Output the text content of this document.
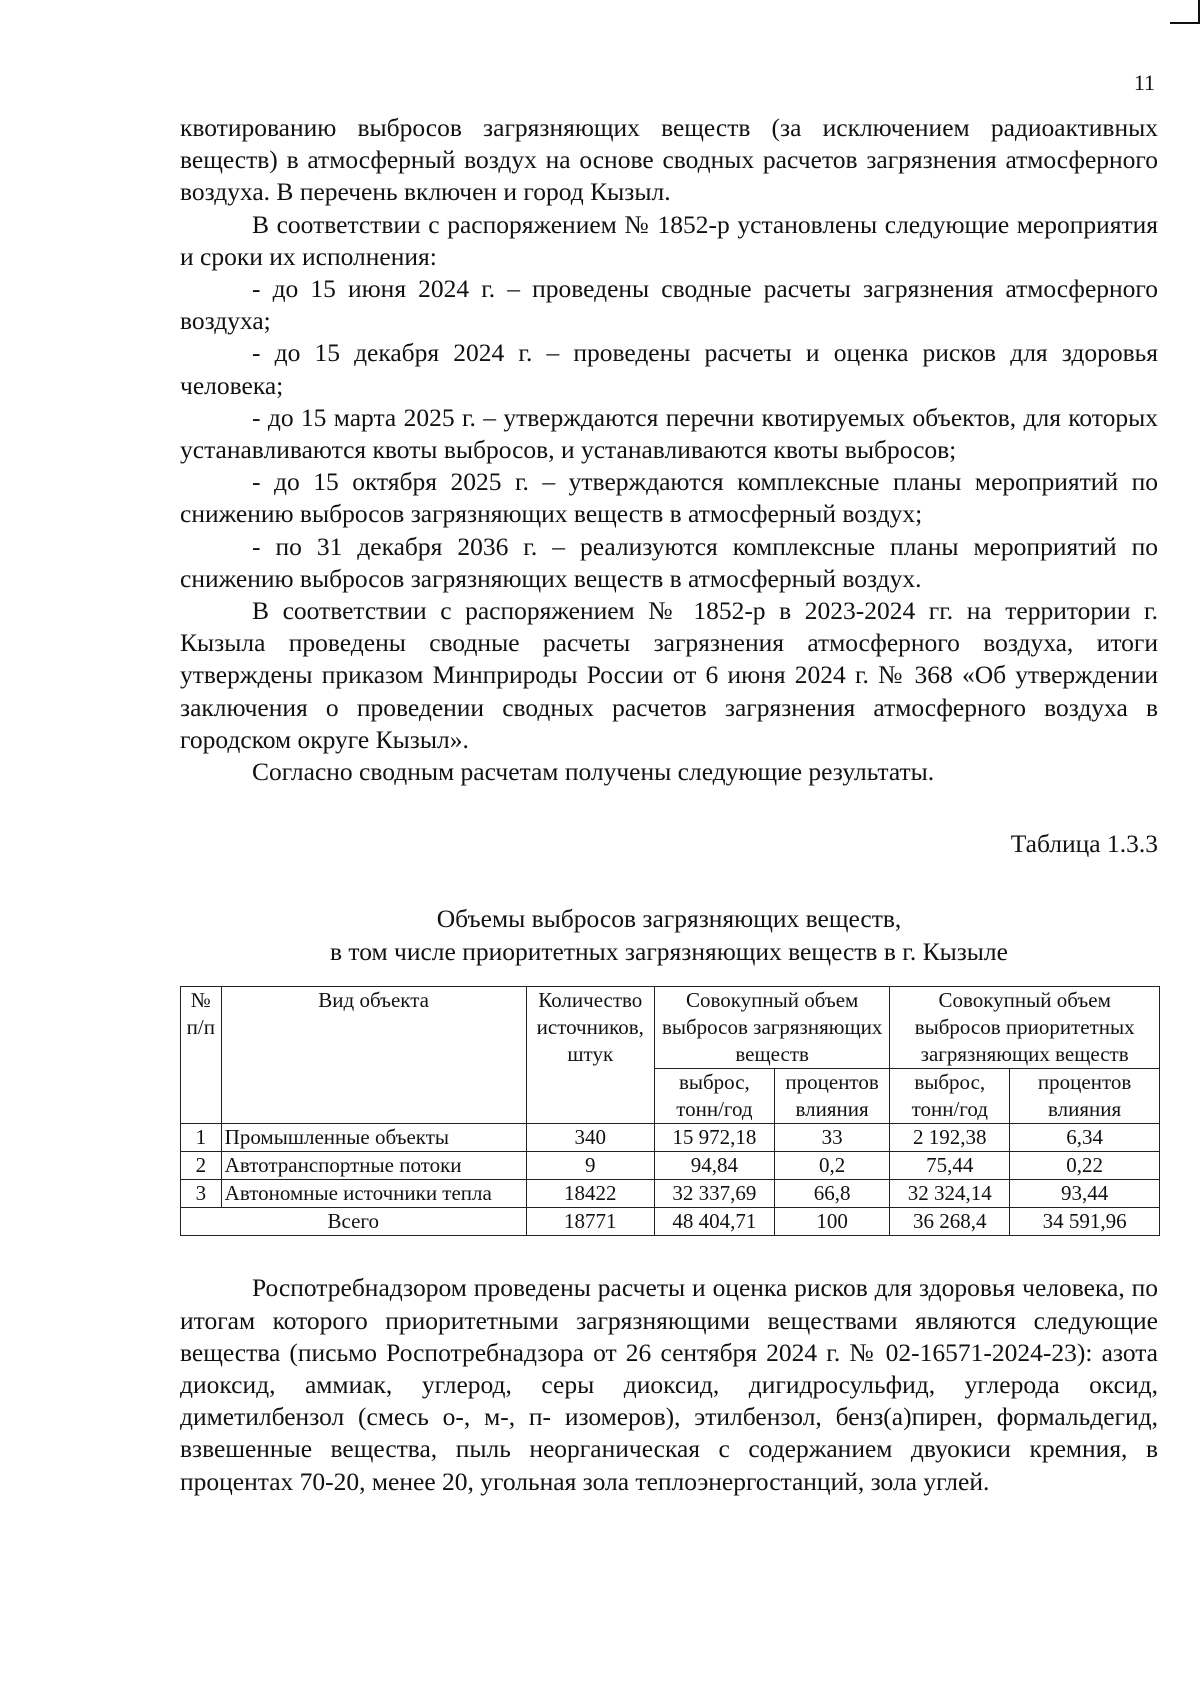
11

квотированию выбросов загрязняющих веществ (за исключением радиоактивных веществ) в атмосферный воздух на основе сводных расчетов загрязнения атмосферного воздуха. В перечень включен и город Кызыл.

В соответствии с распоряжением № 1852-р установлены следующие мероприятия и сроки их исполнения:

- до 15 июня 2024 г. – проведены сводные расчеты загрязнения атмосферного воздуха;

- до 15 декабря 2024 г. – проведены расчеты и оценка рисков для здоровья человека;

- до 15 марта 2025 г. – утверждаются перечни квотируемых объектов, для которых устанавливаются квоты выбросов, и устанавливаются квоты выбросов;

- до 15 октября 2025 г. – утверждаются комплексные планы мероприятий по снижению выбросов загрязняющих веществ в атмосферный воздух;

- по 31 декабря 2036 г. – реализуются комплексные планы мероприятий по снижению выбросов загрязняющих веществ в атмосферный воздух.

В соответствии с распоряжением № 1852-р в 2023-2024 гг. на территории г. Кызыла проведены сводные расчеты загрязнения атмосферного воздуха, итоги утверждены приказом Минприроды России от 6 июня 2024 г. № 368 «Об утверждении заключения о проведении сводных расчетов загрязнения атмосферного воздуха в городском округе Кызыл».

Согласно сводным расчетам получены следующие результаты.

Таблица 1.3.3

Объемы выбросов загрязняющих веществ,
в том числе приоритетных загрязняющих веществ в г. Кызыле
№ п/п	Вид объекта	Количество источников, штук	Совокупный объем выбросов загрязняющих веществ		Совокупный объем выбросов приоритетных загрязняющих веществ	
			выброс, тонн/год	процентов влияния	выброс, тонн/год	процентов влияния
1	Промышленные объекты	340	15 972,18	33	2 192,38	6,34
2	Автотранспортные потоки	9	94,84	0,2	75,44	0,22
3	Автономные источники тепла	18422	32 337,69	66,8	32 324,14	93,44
Всего		18771	48 404,71	100	36 268,4	34 591,96

Роспотребнадзором проведены расчеты и оценка рисков для здоровья человека, по итогам которого приоритетными загрязняющими веществами являются следующие вещества (письмо Роспотребнадзора от 26 сентября 2024 г. № 02-16571-2024-23): азота диоксид, аммиак, углерод, серы диоксид, дигидросульфид, углерода оксид, диметилбензол (смесь о-, м-, п- изомеров), этилбензол, бенз(а)пирен, формальдегид, взвешенные вещества, пыль неорганическая с содержанием двуокиси кремния, в процентах 70-20, менее 20, угольная зола теплоэнергостанций, зола углей.
